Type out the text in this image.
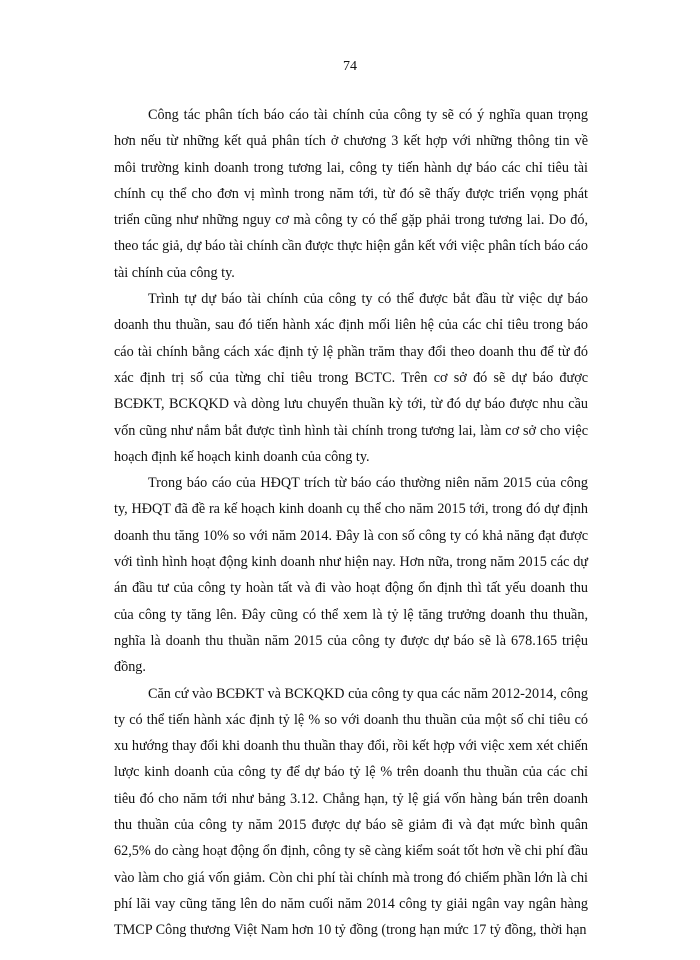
74

Công tác phân tích báo cáo tài chính của công ty sẽ có ý nghĩa quan trọng hơn nếu từ những kết quả phân tích ở chương 3 kết hợp với những thông tin về môi trường kinh doanh trong tương lai, công ty tiến hành dự báo các chỉ tiêu tài chính cụ thể cho đơn vị mình trong năm tới, từ đó sẽ thấy được triển vọng phát triển cũng như những nguy cơ mà công ty có thể gặp phải trong tương lai. Do đó, theo tác giả, dự báo tài chính cần được thực hiện gắn kết với việc phân tích báo cáo tài chính của công ty.

Trình tự dự báo tài chính của công ty có thể được bắt đầu từ việc dự báo doanh thu thuần, sau đó tiến hành xác định mối liên hệ của các chỉ tiêu trong báo cáo tài chính bằng cách xác định tỷ lệ phần trăm thay đổi theo doanh thu để từ đó xác định trị số của từng chỉ tiêu trong BCTC. Trên cơ sở đó sẽ dự báo được BCĐKT, BCKQKD và dòng lưu chuyển thuần kỳ tới, từ đó dự báo được nhu cầu vốn cũng như nắm bắt được tình hình tài chính trong tương lai, làm cơ sở cho việc hoạch định kế hoạch kinh doanh của công ty.

Trong báo cáo của HĐQT trích từ báo cáo thường niên năm 2015 của công ty, HĐQT đã đề ra kế hoạch kinh doanh cụ thể cho năm 2015 tới, trong đó dự định doanh thu tăng 10% so với năm 2014. Đây là con số công ty có khả năng đạt được với tình hình hoạt động kinh doanh như hiện nay. Hơn nữa, trong năm 2015 các dự án đầu tư của công ty hoàn tất và đi vào hoạt động ổn định thì tất yếu doanh thu của công ty tăng lên. Đây cũng có thể xem là tỷ lệ tăng trưởng doanh thu thuần, nghĩa là doanh thu thuần năm 2015 của công ty được dự báo sẽ là 678.165 triệu đồng.

Căn cứ vào BCĐKT và BCKQKD của công ty qua các năm 2012-2014, công ty có thể tiến hành xác định tỷ lệ % so với doanh thu thuần của một số chỉ tiêu có xu hướng thay đổi khi doanh thu thuần thay đổi, rồi kết hợp với việc xem xét chiến lược kinh doanh của công ty để dự báo tỷ lệ % trên doanh thu thuần của các chỉ tiêu đó cho năm tới như bảng 3.12. Chẳng hạn, tỷ lệ giá vốn hàng bán trên doanh thu thuần của công ty năm 2015 được dự báo sẽ giảm đi và đạt mức bình quân 62,5% do càng hoạt động ổn định, công ty sẽ càng kiểm soát tốt hơn về chi phí đầu vào làm cho giá vốn giảm. Còn chi phí tài chính mà trong đó chiếm phần lớn là chi phí lãi vay cũng tăng lên do năm cuối năm 2014 công ty giải ngân vay ngân hàng TMCP Công thương Việt Nam hơn 10 tỷ đồng (trong hạn mức 17 tỷ đồng, thời hạn
